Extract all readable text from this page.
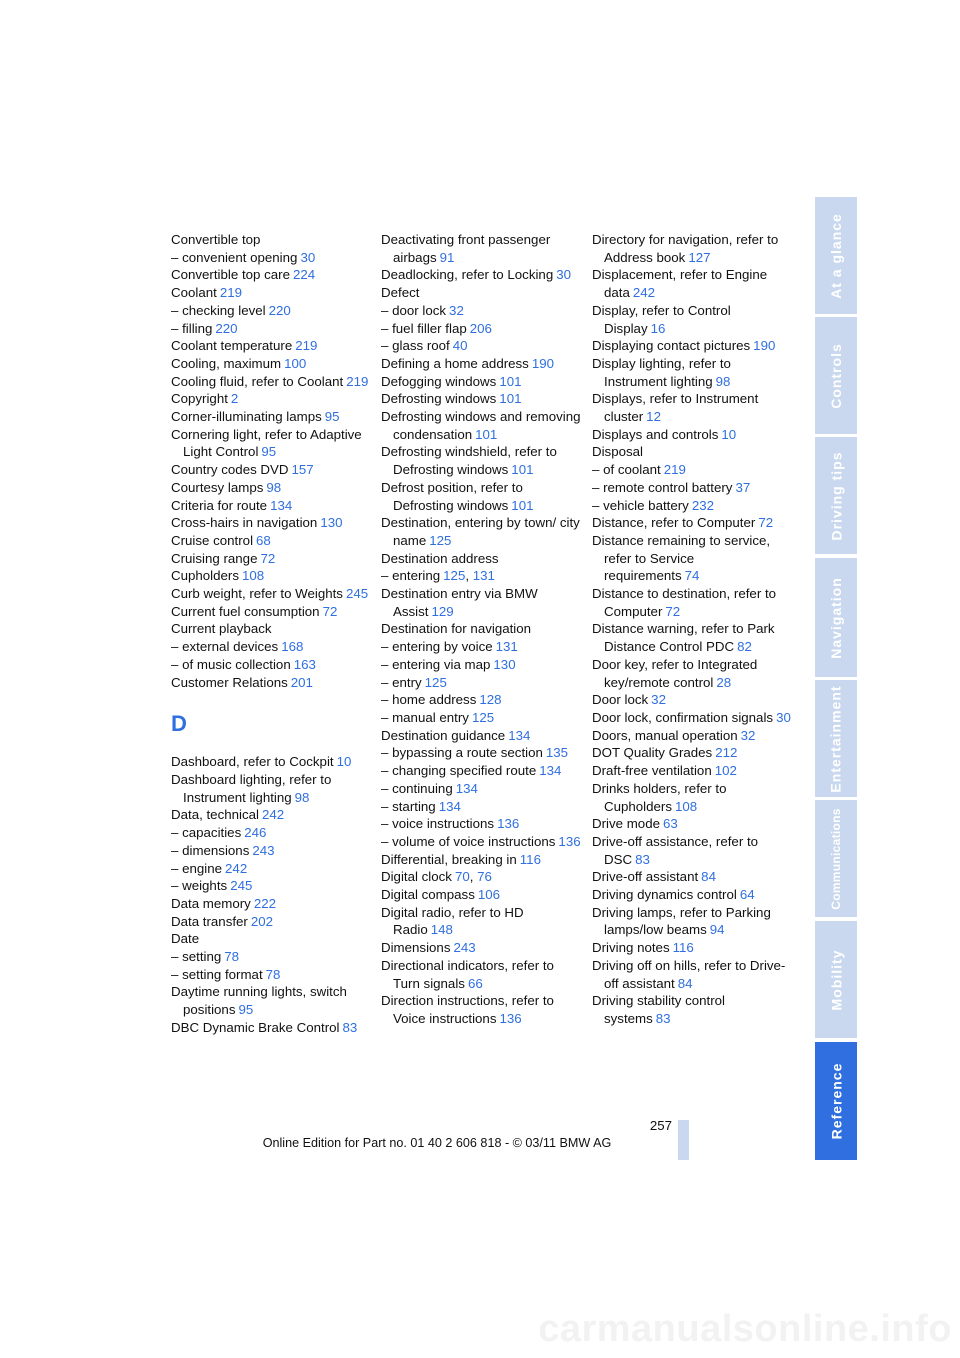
Convertible top
– convenient opening 30
Convertible top care 224
Coolant 219
– checking level 220
– filling 220
Coolant temperature 219
Cooling, maximum 100
Cooling fluid, refer to Coolant 219
Copyright 2
Corner-illuminating lamps 95
Cornering light, refer to Adaptive Light Control 95
Country codes DVD 157
Courtesy lamps 98
Criteria for route 134
Cross-hairs in navigation 130
Cruise control 68
Cruising range 72
Cupholders 108
Curb weight, refer to Weights 245
Current fuel consumption 72
Current playback
– external devices 168
– of music collection 163
Customer Relations 201
D
Dashboard, refer to Cockpit 10
Dashboard lighting, refer to Instrument lighting 98
Data, technical 242
– capacities 246
– dimensions 243
– engine 242
– weights 245
Data memory 222
Data transfer 202
Date
– setting 78
– setting format 78
Daytime running lights, switch positions 95
DBC Dynamic Brake Control 83
Deactivating front passenger airbags 91
Deadlocking, refer to Locking 30
Defect
– door lock 32
– fuel filler flap 206
– glass roof 40
Defining a home address 190
Defogging windows 101
Defrosting windows 101
Defrosting windows and removing condensation 101
Defrosting windshield, refer to Defrosting windows 101
Defrost position, refer to Defrosting windows 101
Destination, entering by town/ city name 125
Destination address
– entering 125 , 131
Destination entry via BMW Assist 129
Destination for navigation
– entering by voice 131
– entering via map 130
– entry 125
– home address 128
– manual entry 125
Destination guidance 134
– bypassing a route section 135
– changing specified route 134
– continuing 134
– starting 134
– voice instructions 136
– volume of voice instructions 136
Differential, breaking in 116
Digital clock 70 , 76
Digital compass 106
Digital radio, refer to HD Radio 148
Dimensions 243
Directional indicators, refer to Turn signals 66
Direction instructions, refer to Voice instructions 136
Directory for navigation, refer to Address book 127
Displacement, refer to Engine data 242
Display, refer to Control Display 16
Displaying contact pictures 190
Display lighting, refer to Instrument lighting 98
Displays, refer to Instrument cluster 12
Displays and controls 10
Disposal
– of coolant 219
– remote control battery 37
– vehicle battery 232
Distance, refer to Computer 72
Distance remaining to service, refer to Service requirements 74
Distance to destination, refer to Computer 72
Distance warning, refer to Park Distance Control PDC 82
Door key, refer to Integrated key/remote control 28
Door lock 32
Door lock, confirmation signals 30
Doors, manual operation 32
DOT Quality Grades 212
Draft-free ventilation 102
Drinks holders, refer to Cupholders 108
Drive mode 63
Drive-off assistance, refer to DSC 83
Drive-off assistant 84
Driving dynamics control 64
Driving lamps, refer to Parking lamps/low beams 94
Driving notes 116
Driving off on hills, refer to Drive-off assistant 84
Driving stability control systems 83
At a glance
Controls
Driving tips
Navigation
Entertainment
Communications
Mobility
Reference
257
Online Edition for Part no. 01 40 2 606 818 - © 03/11 BMW AG
carmanualsonline.info
